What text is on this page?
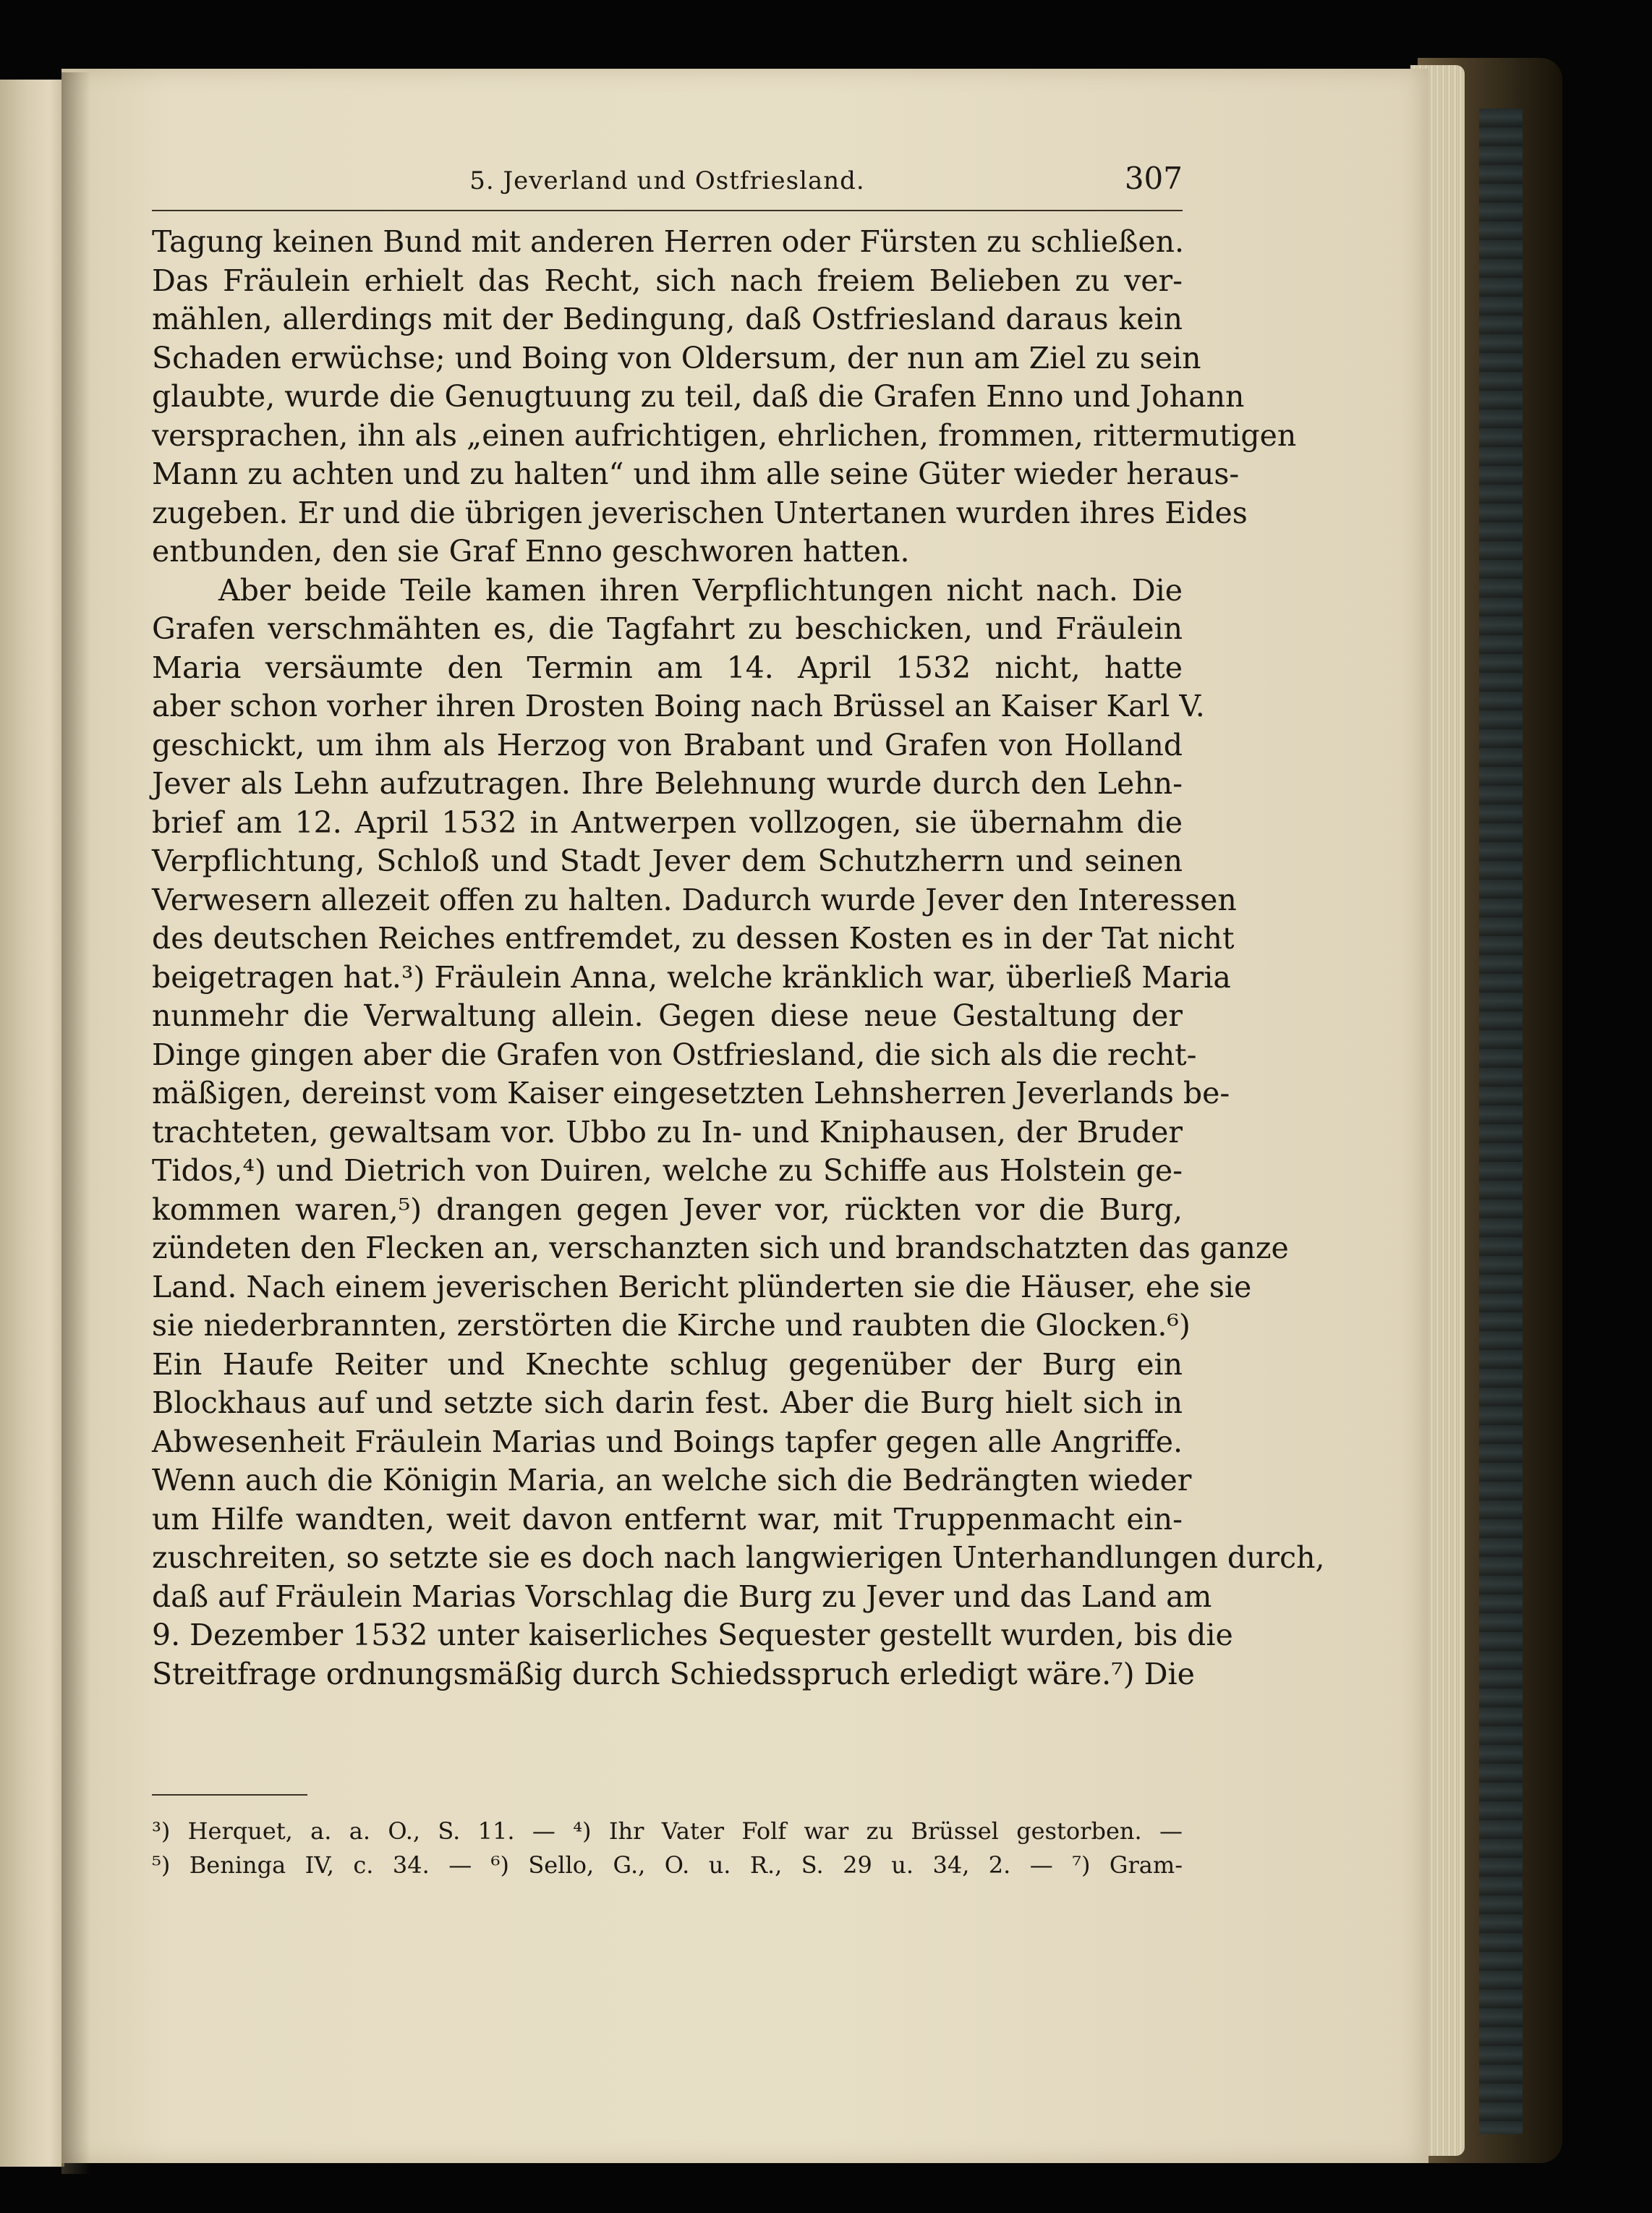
5. Jeverland und Ostfriesland.	307
Tagung keinen Bund mit anderen Herren oder Fürsten zu schließen.
Das Fräulein erhielt das Recht, sich nach freiem Belieben zu ver-
mählen, allerdings mit der Bedingung, daß Ostfriesland daraus kein
Schaden erwüchse; und Boing von Oldersum, der nun am Ziel zu sein
glaubte, wurde die Genugtuung zu teil, daß die Grafen Enno und Johann
versprachen, ihn als „einen aufrichtigen, ehrlichen, frommen, rittermutigen
Mann zu achten und zu halten“ und ihm alle seine Güter wieder heraus-
zugeben. Er und die übrigen jeverischen Untertanen wurden ihres Eides
entbunden, den sie Graf Enno geschworen hatten.
Aber beide Teile kamen ihren Verpflichtungen nicht nach. Die
Grafen verschmähten es, die Tagfahrt zu beschicken, und Fräulein
Maria versäumte den Termin am 14. April 1532 nicht, hatte
aber schon vorher ihren Drosten Boing nach Brüssel an Kaiser Karl V.
geschickt, um ihm als Herzog von Brabant und Grafen von Holland
Jever als Lehn aufzutragen. Ihre Belehnung wurde durch den Lehn-
brief am 12. April 1532 in Antwerpen vollzogen, sie übernahm die
Verpflichtung, Schloß und Stadt Jever dem Schutzherrn und seinen
Verwesern allezeit offen zu halten. Dadurch wurde Jever den Interessen
des deutschen Reiches entfremdet, zu dessen Kosten es in der Tat nicht
beigetragen hat.³) Fräulein Anna, welche kränklich war, überließ Maria
nunmehr die Verwaltung allein. Gegen diese neue Gestaltung der
Dinge gingen aber die Grafen von Ostfriesland, die sich als die recht-
mäßigen, dereinst vom Kaiser eingesetzten Lehnsherren Jeverlands be-
trachteten, gewaltsam vor. Ubbo zu In- und Kniphausen, der Bruder
Tidos,⁴) und Dietrich von Duiren, welche zu Schiffe aus Holstein ge-
kommen waren,⁵) drangen gegen Jever vor, rückten vor die Burg,
zündeten den Flecken an, verschanzten sich und brandschatzten das ganze
Land. Nach einem jeverischen Bericht plünderten sie die Häuser, ehe sie
sie niederbrannten, zerstörten die Kirche und raubten die Glocken.⁶)
Ein Haufe Reiter und Knechte schlug gegenüber der Burg ein
Blockhaus auf und setzte sich darin fest. Aber die Burg hielt sich in
Abwesenheit Fräulein Marias und Boings tapfer gegen alle Angriffe.
Wenn auch die Königin Maria, an welche sich die Bedrängten wieder
um Hilfe wandten, weit davon entfernt war, mit Truppenmacht ein-
zuschreiten, so setzte sie es doch nach langwierigen Unterhandlungen durch,
daß auf Fräulein Marias Vorschlag die Burg zu Jever und das Land am
9. Dezember 1532 unter kaiserliches Sequester gestellt wurden, bis die
Streitfrage ordnungsmäßig durch Schiedsspruch erledigt wäre.⁷) Die
³) Herquet, a. a. O., S. 11. — ⁴) Ihr Vater Folf war zu Brüssel gestorben. —
⁵) Beninga IV, c. 34. — ⁶) Sello, G., O. u. R., S. 29 u. 34, 2. — ⁷) Gram-
